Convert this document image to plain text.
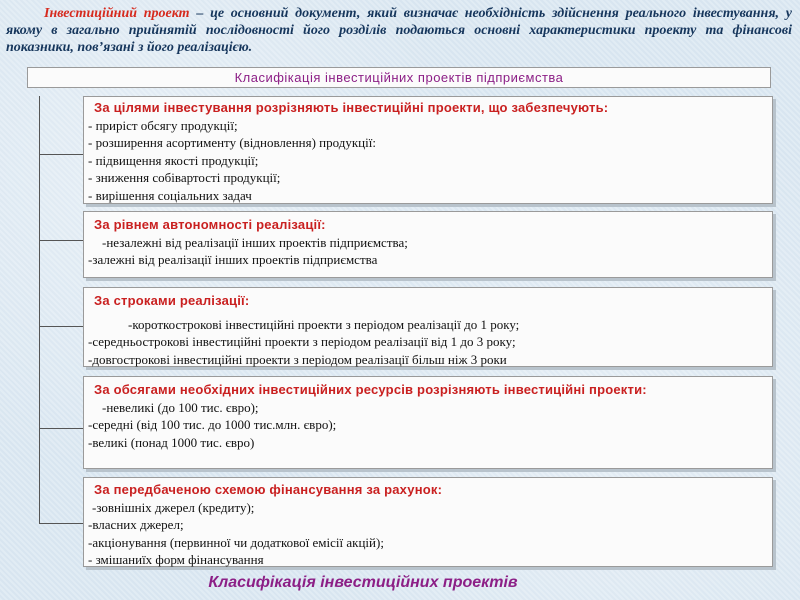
Інвестиційний проект – це основний документ, який визначає необхідність здійснення реального інвестування, у якому в загально прийнятій послідовності його розділів подаються основні характеристики проекту та фінансові показники, пов’язані з його реалізацією.
Класифікація інвестиційних проектів підприємства
За цілями інвестування розрізняють інвестиційні проекти, що забезпечують:
- приріст обсягу продукції;
- розширення асортименту (відновлення) продукції:
- підвищення якості продукції;
- зниження собівартості продукції;
- вирішення соціальних задач
За рівнем автономності реалізації:
-незалежні від реалізації інших проектів підприємства;
-залежні від реалізації інших проектів підприємства
За строками реалізації:
-короткострокові інвестиційні проекти з періодом реалізації до 1 року;
-середньострокові інвестиційні проекти з періодом реалізації від 1 до 3 року;
-довгострокові інвестиційні проекти з періодом реалізації більш ніж 3 роки
За обсягами необхідних інвестиційних ресурсів розрізняють інвестиційні проекти:
-невеликі (до 100 тис. євро);
-середні (від 100 тис. до 1000 тис.млн. євро);
-великі (понад 1000 тис. євро)
За передбаченою схемою фінансування за рахунок:
-зовнішніх джерел (кредиту);
-власних джерел;
-акціонування (первинної чи додаткової емісії акцій);
- змішаниїх форм фінансування
Класифікація інвестиційних проектів
